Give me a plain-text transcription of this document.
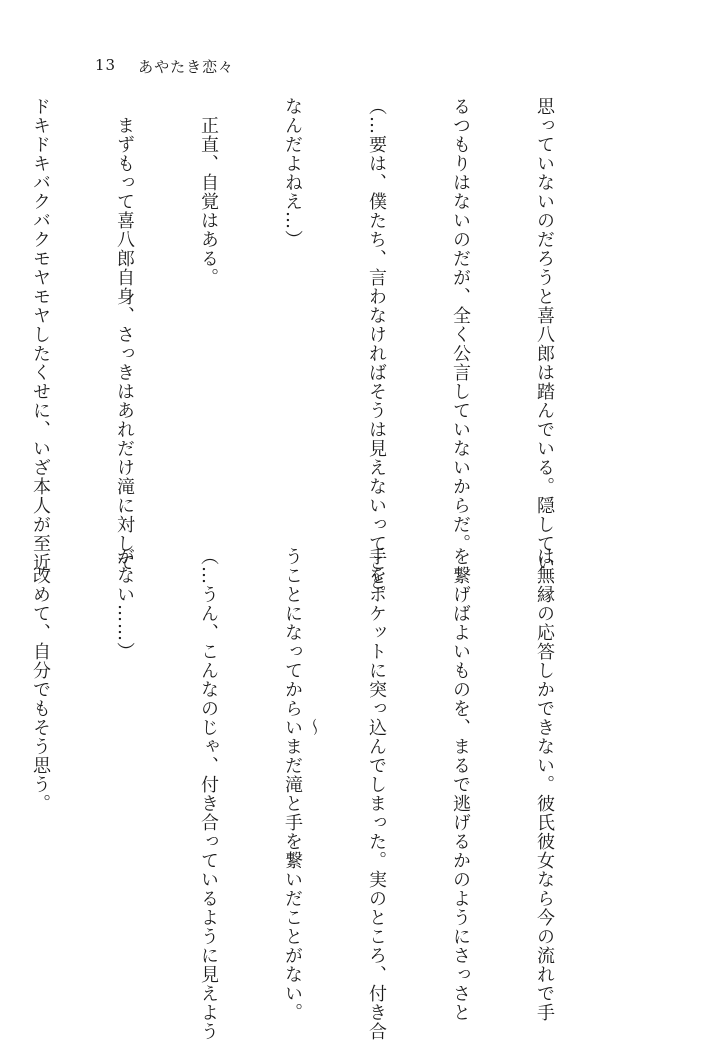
13 あやたき恋々

思っていないのだろうと喜八郎は踏んでいる。隠してい

るつもりはないのだが、全く公言していないからだ。

（…要は、僕たち、言わなければそうは見えないってこと

なんだよねえ…）

　正直、自覚はある。

　まずもって喜八郎自身、さっきはあれだけ滝に対して

ドキドキバクバクモヤモヤしたくせに、いざ本人が至近

は無縁の応答しかできない。彼氏彼女なら今の流れで手

を繋げばよいものを、まるで逃げるかのようにさっさと

手をポケットに突っ込んでしまった。実のところ、付き合

うことになってからいまだ滝と手を繋いだことがない。

（…うん、こんなのじゃ、付き合っているように見えよう

がない……）

　改めて、自分でもそう思う。

	～
